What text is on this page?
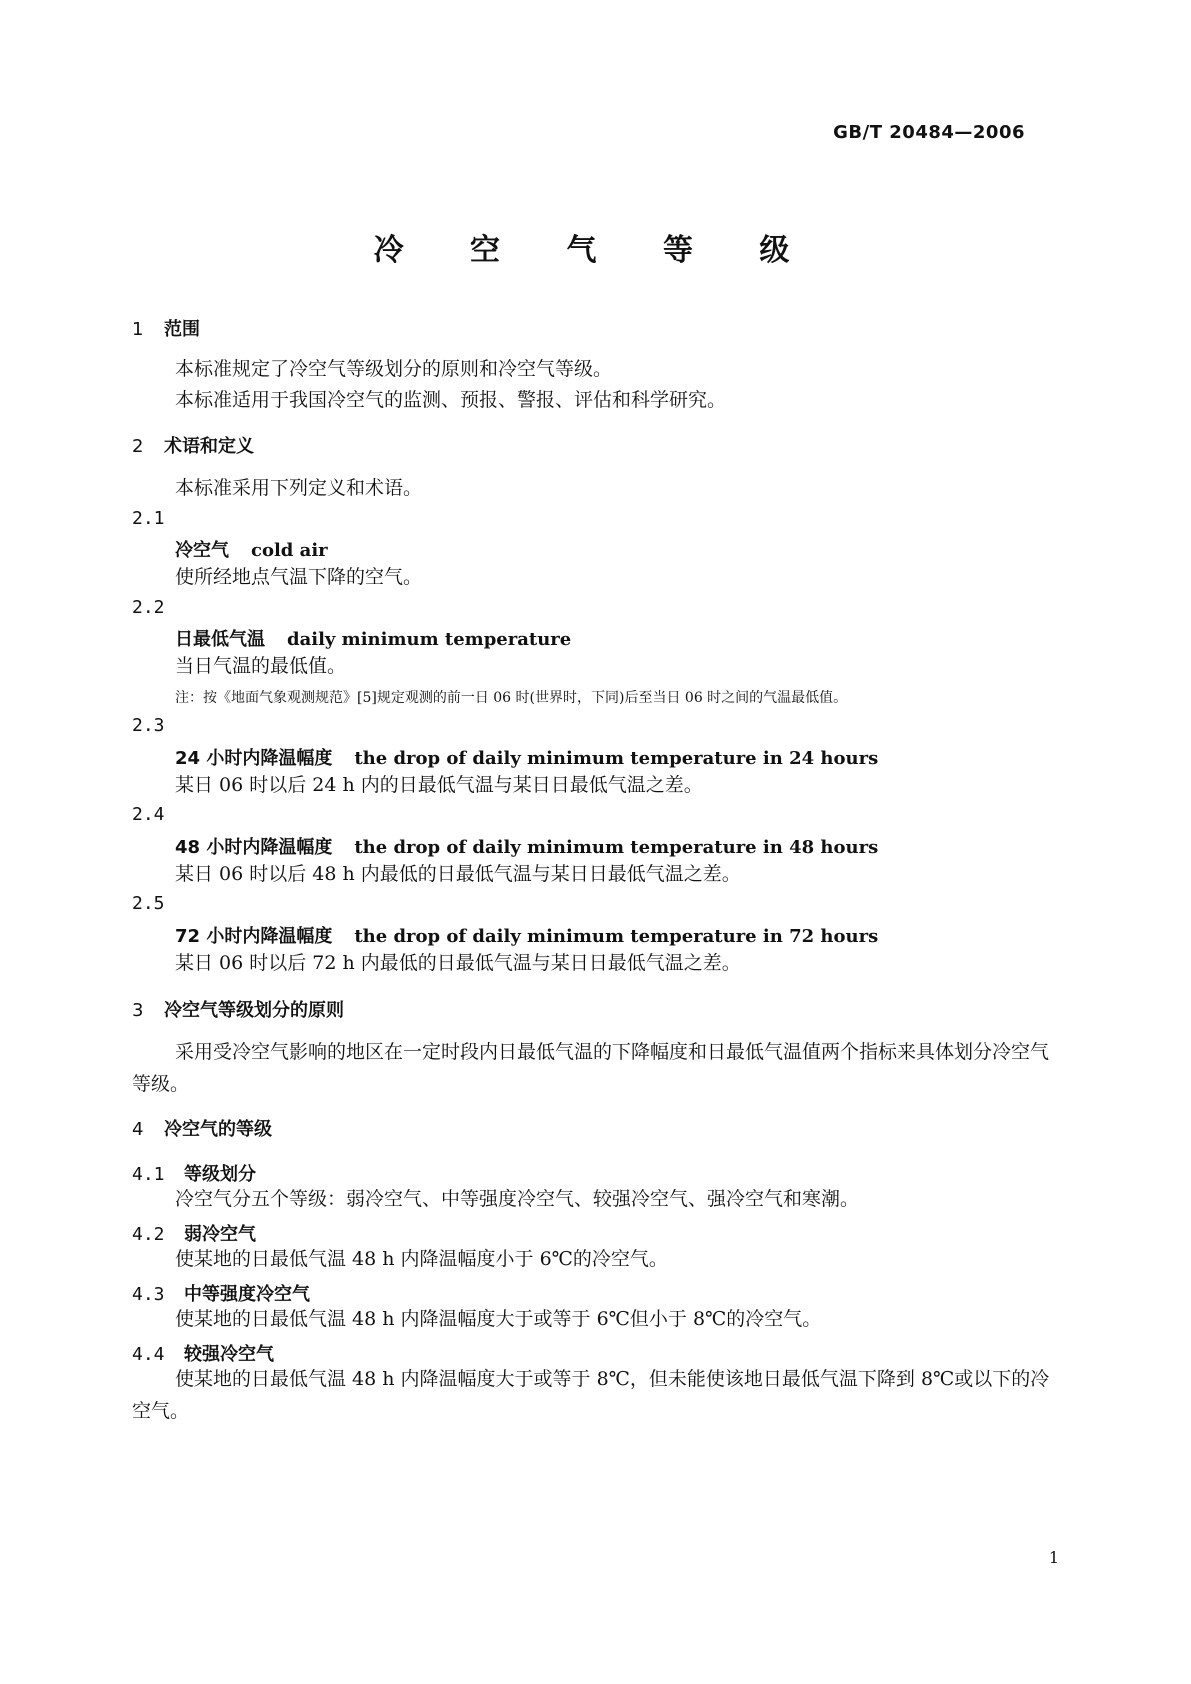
GB/T 20484—2006
冷 空 气 等 级
1 范围
本标准规定了冷空气等级划分的原则和冷空气等级。
本标准适用于我国冷空气的监测、预报、警报、评估和科学研究。
2 术语和定义
本标准采用下列定义和术语。
2.1
冷空气 cold air
使所经地点气温下降的空气。
2.2
日最低气温 daily minimum temperature
当日气温的最低值。
注：按《地面气象观测规范》[5]规定观测的前一日 06 时(世界时，下同)后至当日 06 时之间的气温最低值。
2.3
24 小时内降温幅度 the drop of daily minimum temperature in 24 hours
某日 06 时以后 24 h 内的日最低气温与某日日最低气温之差。
2.4
48 小时内降温幅度 the drop of daily minimum temperature in 48 hours
某日 06 时以后 48 h 内最低的日最低气温与某日日最低气温之差。
2.5
72 小时内降温幅度 the drop of daily minimum temperature in 72 hours
某日 06 时以后 72 h 内最低的日最低气温与某日日最低气温之差。
3 冷空气等级划分的原则
采用受冷空气影响的地区在一定时段内日最低气温的下降幅度和日最低气温值两个指标来具体划分冷空气等级。
4 冷空气的等级
4.1 等级划分
冷空气分五个等级：弱冷空气、中等强度冷空气、较强冷空气、强冷空气和寒潮。
4.2 弱冷空气
使某地的日最低气温 48 h 内降温幅度小于 6℃的冷空气。
4.3 中等强度冷空气
使某地的日最低气温 48 h 内降温幅度大于或等于 6℃但小于 8℃的冷空气。
4.4 较强冷空气
使某地的日最低气温 48 h 内降温幅度大于或等于 8℃，但未能使该地日最低气温下降到 8℃或以下的冷空气。
1
